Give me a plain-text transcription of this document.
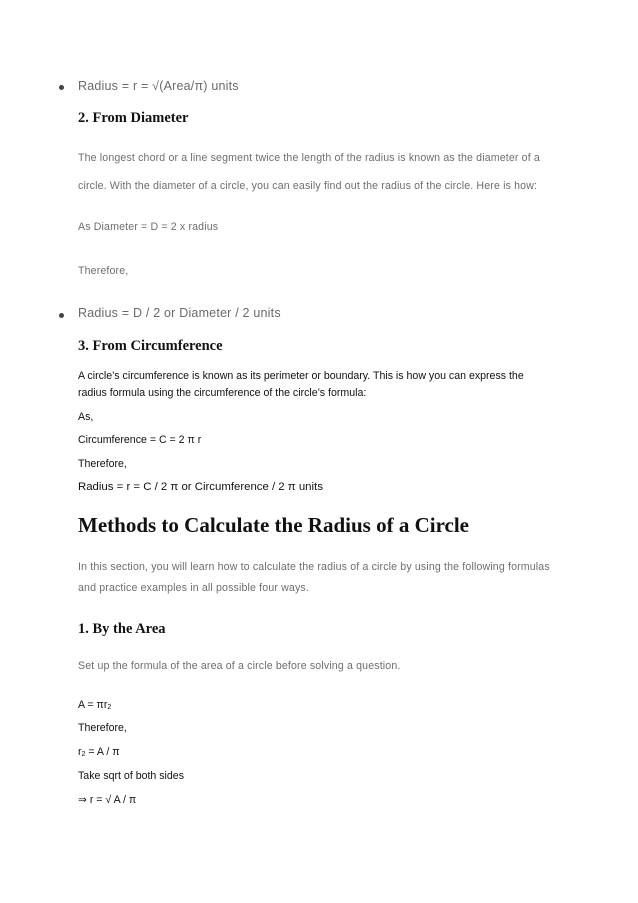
Radius = r = √(Area/π) units
2. From Diameter
The longest chord or a line segment twice the length of the radius is known as the diameter of a
circle. With the diameter of a circle, you can easily find out the radius of the circle. Here is how:
As Diameter = D = 2 x radius
Therefore,
Radius = D / 2 or Diameter / 2 units
3. From Circumference
A circle’s circumference is known as its perimeter or boundary. This is how you can express the
radius formula using the circumference of the circle’s formula:
As,
Circumference = C = 2 π r
Therefore,
Radius = r = C / 2 π or Circumference / 2 π units
Methods to Calculate the Radius of a Circle
In this section, you will learn how to calculate the radius of a circle by using the following formulas
and practice examples in all possible four ways.
1. By the Area
Set up the formula of the area of a circle before solving a question.
$A = \pi r_2$
Therefore,
$r_2 = A / \pi$
Take sqrt of both sides
⇒ r = √ A / π
